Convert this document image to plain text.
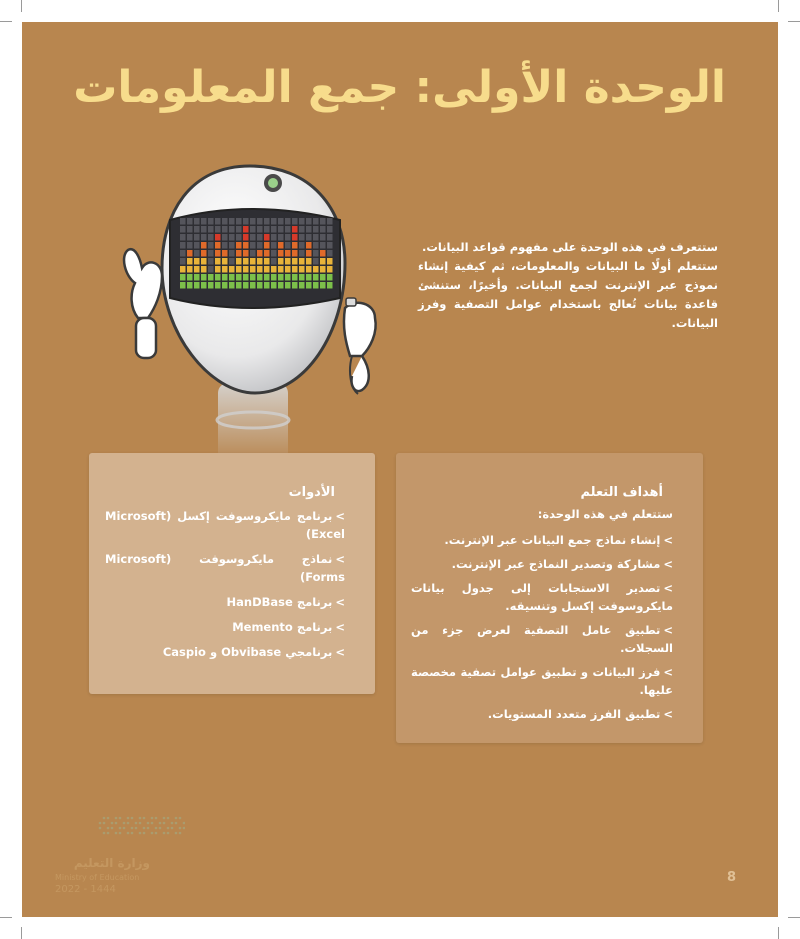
الوحدة الأولى: جمع المعلومات

ستتعرف في هذه الوحدة على مفهوم قواعد البيانات.

ستتعلم أولًا ما البيانات والمعلومات، ثم كيفية إنشاء نموذج عبر الإنترنت لجمع البيانات. وأخيرًا، ستنشئ قاعدة بيانات تُعالج باستخدام عوامل التصفية وفرز البيانات.

أهداف التعلم
ستتعلم في هذه الوحدة:
>إنشاء نماذج جمع البيانات عبر الإنترنت.
>مشاركة وتصدير النماذج عبر الإنترنت.
>تصدير الاستجابات إلى جدول بيانات مايكروسوفت إكسل وتنسيقه.
>تطبيق عامل التصفية لعرض جزء من السجلات.
>فرز البيانات و تطبيق عوامل تصفية مخصصة عليها.
>تطبيق الفرز متعدد المستويات.
الأدوات
>برنامج مايكروسوفت إكسل (Microsoft Excel)
>نماذج مايكروسوفت (Microsoft Forms)
>برنامج HanDBase
>برنامج Memento
>برنامجي Obvibase و Caspio
وزارة التعليم
Ministry of Education
2022 - 1444
8
